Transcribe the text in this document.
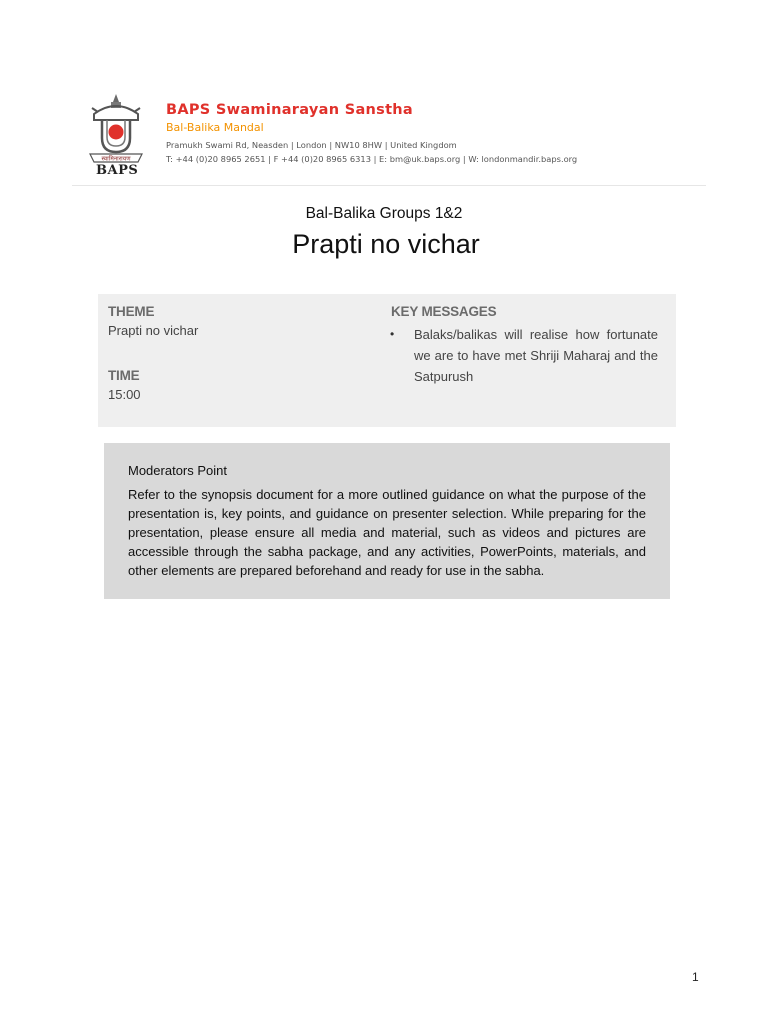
स्वामिनारायण
BAPS
BAPS Swaminarayan Sanstha
Bal-Balika Mandal
Pramukh Swami Rd, Neasden | London | NW10 8HW | United Kingdom
T: +44 (0)20 8965 2651 | F +44 (0)20 8965 6313 | E: bm@uk.baps.org | W: londonmandir.baps.org
Bal-Balika Groups 1&2
Prapti no vichar
THEME
Prapti no vichar
TIME
15:00
KEY MESSAGES
• Balaks/balikas will realise how fortunate we are to have met Shriji Maharaj and the Satpurush
Moderators Point
Refer to the synopsis document for a more outlined guidance on what the purpose of the presentation is, key points, and guidance on presenter selection. While preparing for the presentation, please ensure all media and material, such as videos and pictures are accessible through the sabha package, and any activities, PowerPoints, materials, and other elements are prepared beforehand and ready for use in the sabha.
1
